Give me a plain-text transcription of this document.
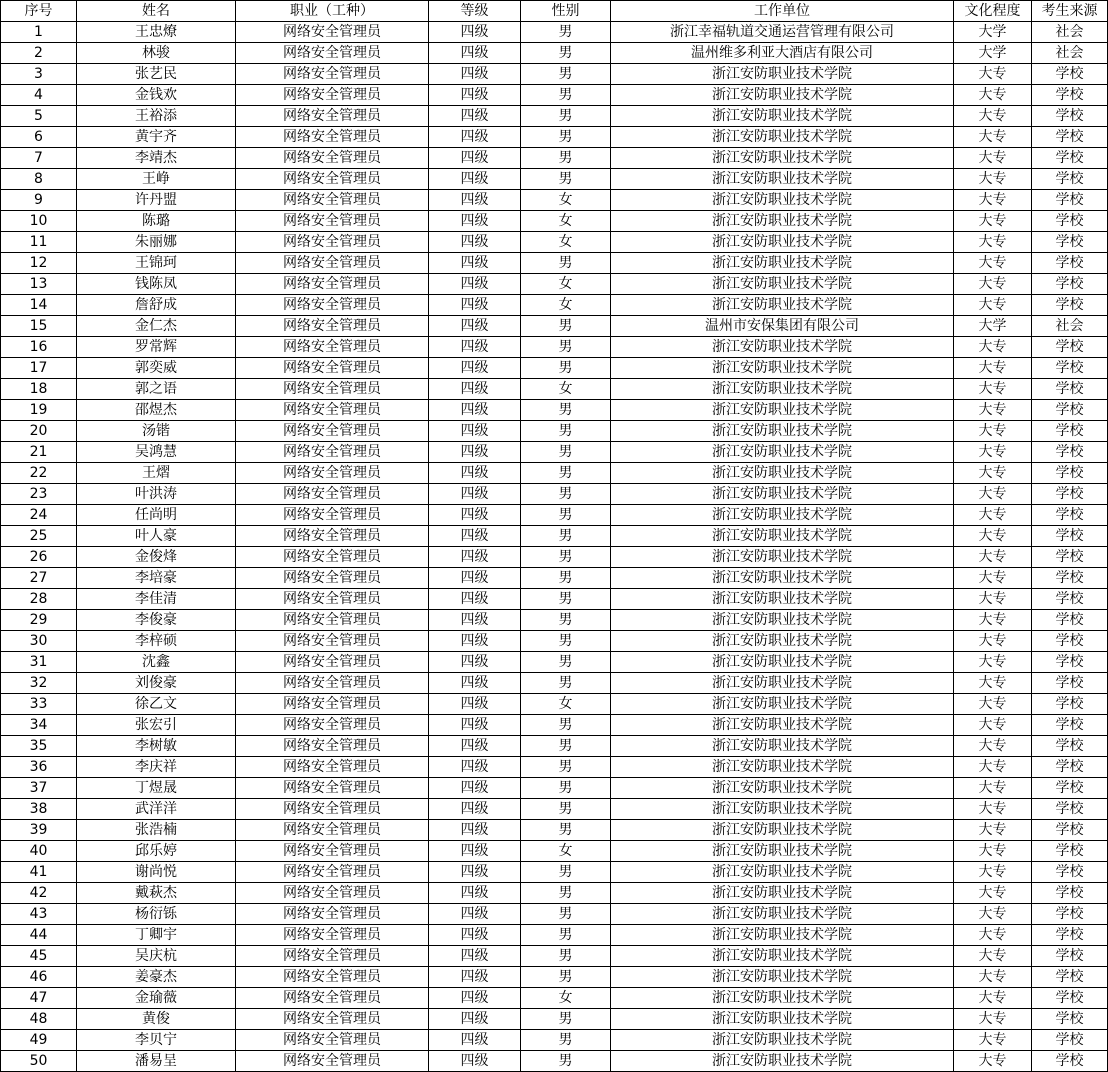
序号	姓名	职业（工种）	等级	性别	工作单位	文化程度	考生来源
1	王忠燎	网络安全管理员	四级	男	浙江幸福轨道交通运营管理有限公司	大学	社会
2	林骏	网络安全管理员	四级	男	温州维多利亚大酒店有限公司	大学	社会
3	张艺民	网络安全管理员	四级	男	浙江安防职业技术学院	大专	学校
4	金钱欢	网络安全管理员	四级	男	浙江安防职业技术学院	大专	学校
5	王裕添	网络安全管理员	四级	男	浙江安防职业技术学院	大专	学校
6	黄宇齐	网络安全管理员	四级	男	浙江安防职业技术学院	大专	学校
7	李靖杰	网络安全管理员	四级	男	浙江安防职业技术学院	大专	学校
8	王峥	网络安全管理员	四级	男	浙江安防职业技术学院	大专	学校
9	许丹盟	网络安全管理员	四级	女	浙江安防职业技术学院	大专	学校
10	陈璐	网络安全管理员	四级	女	浙江安防职业技术学院	大专	学校
11	朱丽娜	网络安全管理员	四级	女	浙江安防职业技术学院	大专	学校
12	王锦珂	网络安全管理员	四级	男	浙江安防职业技术学院	大专	学校
13	钱陈凤	网络安全管理员	四级	女	浙江安防职业技术学院	大专	学校
14	詹舒成	网络安全管理员	四级	女	浙江安防职业技术学院	大专	学校
15	金仁杰	网络安全管理员	四级	男	温州市安保集团有限公司	大学	社会
16	罗常辉	网络安全管理员	四级	男	浙江安防职业技术学院	大专	学校
17	郭奕威	网络安全管理员	四级	男	浙江安防职业技术学院	大专	学校
18	郭之语	网络安全管理员	四级	女	浙江安防职业技术学院	大专	学校
19	邵煜杰	网络安全管理员	四级	男	浙江安防职业技术学院	大专	学校
20	汤锴	网络安全管理员	四级	男	浙江安防职业技术学院	大专	学校
21	吴鸿慧	网络安全管理员	四级	男	浙江安防职业技术学院	大专	学校
22	王熠	网络安全管理员	四级	男	浙江安防职业技术学院	大专	学校
23	叶洪涛	网络安全管理员	四级	男	浙江安防职业技术学院	大专	学校
24	任尚明	网络安全管理员	四级	男	浙江安防职业技术学院	大专	学校
25	叶人豪	网络安全管理员	四级	男	浙江安防职业技术学院	大专	学校
26	金俊烽	网络安全管理员	四级	男	浙江安防职业技术学院	大专	学校
27	李培豪	网络安全管理员	四级	男	浙江安防职业技术学院	大专	学校
28	李佳清	网络安全管理员	四级	男	浙江安防职业技术学院	大专	学校
29	李俊豪	网络安全管理员	四级	男	浙江安防职业技术学院	大专	学校
30	李梓硕	网络安全管理员	四级	男	浙江安防职业技术学院	大专	学校
31	沈鑫	网络安全管理员	四级	男	浙江安防职业技术学院	大专	学校
32	刘俊豪	网络安全管理员	四级	男	浙江安防职业技术学院	大专	学校
33	徐乙文	网络安全管理员	四级	女	浙江安防职业技术学院	大专	学校
34	张宏引	网络安全管理员	四级	男	浙江安防职业技术学院	大专	学校
35	李树敏	网络安全管理员	四级	男	浙江安防职业技术学院	大专	学校
36	李庆祥	网络安全管理员	四级	男	浙江安防职业技术学院	大专	学校
37	丁煜晟	网络安全管理员	四级	男	浙江安防职业技术学院	大专	学校
38	武洋洋	网络安全管理员	四级	男	浙江安防职业技术学院	大专	学校
39	张浩楠	网络安全管理员	四级	男	浙江安防职业技术学院	大专	学校
40	邱乐婷	网络安全管理员	四级	女	浙江安防职业技术学院	大专	学校
41	谢尚悦	网络安全管理员	四级	男	浙江安防职业技术学院	大专	学校
42	戴萩杰	网络安全管理员	四级	男	浙江安防职业技术学院	大专	学校
43	杨衍铄	网络安全管理员	四级	男	浙江安防职业技术学院	大专	学校
44	丁卿宇	网络安全管理员	四级	男	浙江安防职业技术学院	大专	学校
45	吴庆杭	网络安全管理员	四级	男	浙江安防职业技术学院	大专	学校
46	姜豪杰	网络安全管理员	四级	男	浙江安防职业技术学院	大专	学校
47	金瑜薇	网络安全管理员	四级	女	浙江安防职业技术学院	大专	学校
48	黄俊	网络安全管理员	四级	男	浙江安防职业技术学院	大专	学校
49	李贝宁	网络安全管理员	四级	男	浙江安防职业技术学院	大专	学校
50	潘易呈	网络安全管理员	四级	男	浙江安防职业技术学院	大专	学校
